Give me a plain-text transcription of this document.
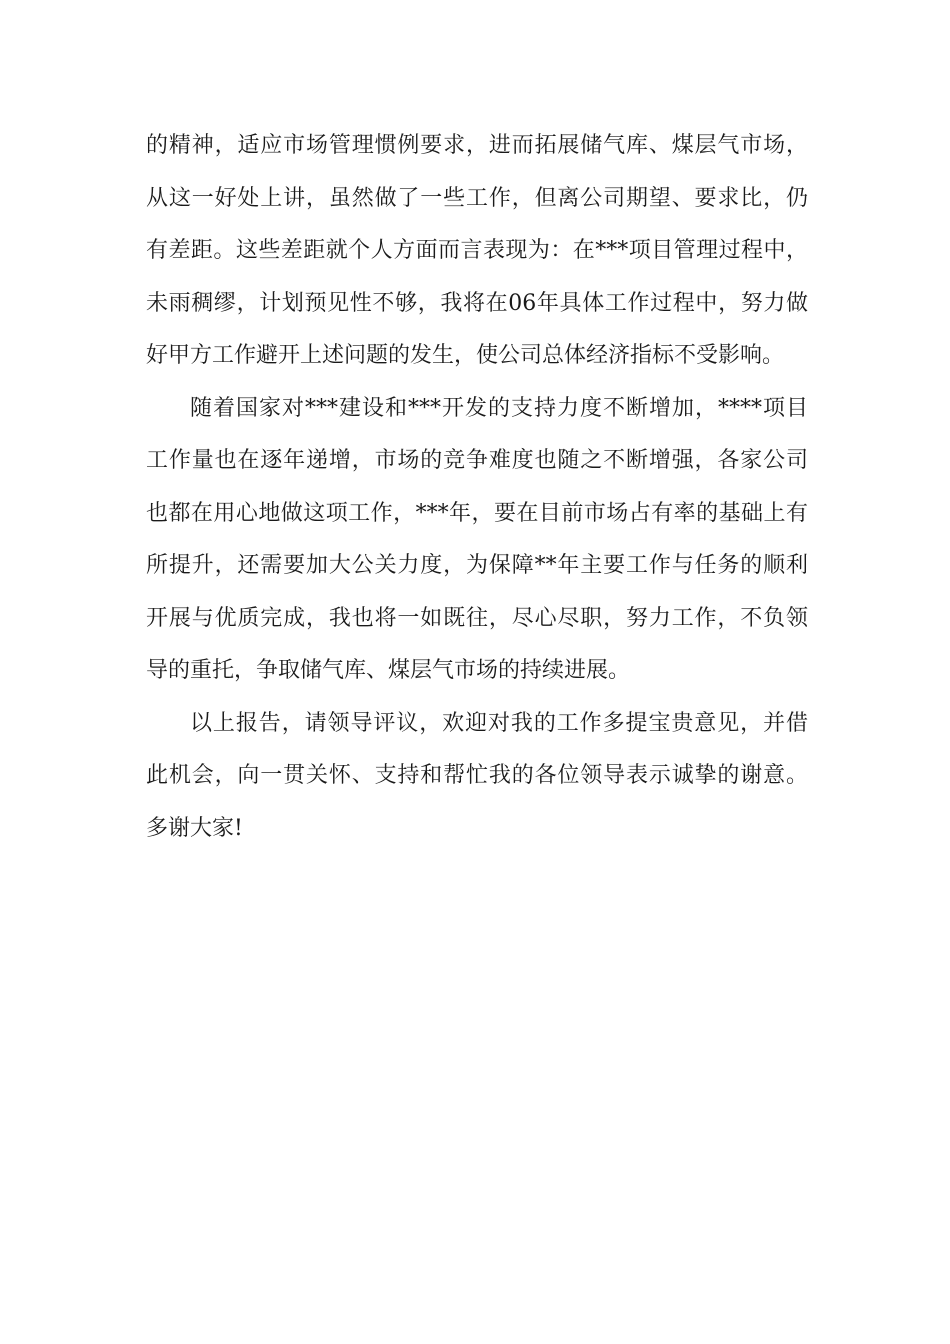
的精神，适应市场管理惯例要求，进而拓展储气库、煤层气市场，
从这一好处上讲，虽然做了一些工作，但离公司期望、要求比，仍
有差距。这些差距就个人方面而言表现为：在***项目管理过程中，
未雨稠缪，计划预见性不够，我将在06年具体工作过程中，努力做
好甲方工作避开上述问题的发生，使公司总体经济指标不受影响。
随着国家对***建设和***开发的支持力度不断增加，****项目
工作量也在逐年递增，市场的竞争难度也随之不断增强，各家公司
也都在用心地做这项工作，***年，要在目前市场占有率的基础上有
所提升，还需要加大公关力度，为保障**年主要工作与任务的顺利
开展与优质完成，我也将一如既往，尽心尽职，努力工作，不负领
导的重托，争取储气库、煤层气市场的持续进展。
以上报告，请领导评议，欢迎对我的工作多提宝贵意见，并借
此机会，向一贯关怀、支持和帮忙我的各位领导表示诚挚的谢意。
多谢大家!
